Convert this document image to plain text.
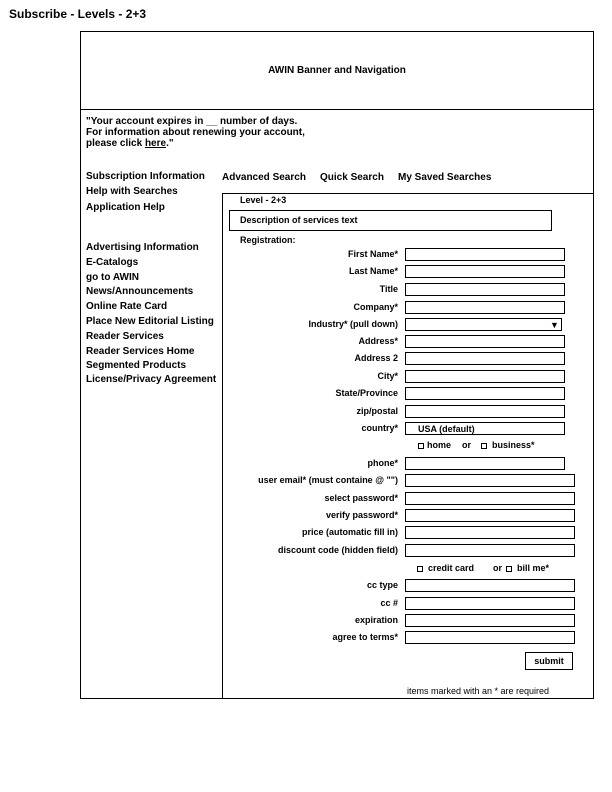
Subscribe - Levels - 2+3
AWIN Banner and Navigation
"Your account expires in __ number of days.
For information about renewing your account,
please click here."
Subscription Information
Help with Searches
Application Help
Advertising Information
E-Catalogs
go to AWIN
News/Announcements
Online Rate Card
Place New Editorial Listing
Reader Services
Reader Services Home
Segmented Products
License/Privacy Agreement
Advanced Search Quick Search My Saved Searches
Level - 2+3
Description of services text
Registration:
First Name*
Last Name*
Title
Company*
Industry* (pull down)	▼
Address*
Address 2
City*
State/Province
zip/postal
country*
USA (default)
home or business*
phone*
user email* (must containe @ "")
select password*
verify password*
price (automatic fill in)
discount code (hidden field)
credit card or bill me*
cc type
cc #
expiration
agree to terms*
submit
items marked with an * are required
